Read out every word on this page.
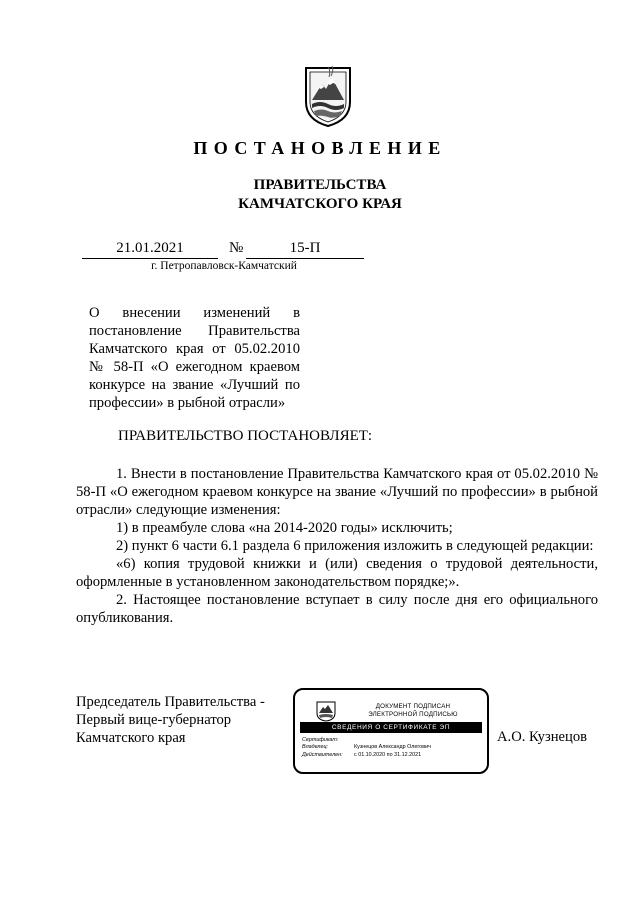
ПОСТАНОВЛЕНИЕ
ПРАВИТЕЛЬСТВА
КАМЧАТСКОГО КРАЯ
21.01.2021	№	15-П
г. Петропавловск-Камчатский
О внесении изменений в постановление Правительства Камчатского края от 05.02.2010 № 58-П «О ежегодном краевом конкурсе на звание «Лучший по профессии» в рыбной отрасли»
ПРАВИТЕЛЬСТВО ПОСТАНОВЛЯЕТ:

1. Внести в постановление Правительства Камчатского края от 05.02.2010 № 58-П «О ежегодном краевом конкурсе на звание «Лучший по профессии» в рыбной отрасли» следующие изменения:

1) в преамбуле слова «на 2014-2020 годы» исключить;

2) пункт 6 части 6.1 раздела 6 приложения изложить в следующей редакции:

«6) копия трудовой книжки и (или) сведения о трудовой деятельности, оформленные в установленном законодательством порядке;».

2. Настоящее постановление вступает в силу после дня его официального опубликования.

Председатель Правительства -
Первый вице-губернатор
Камчатского края
ДОКУМЕНТ ПОДПИСАН
ЭЛЕКТРОННОЙ ПОДПИСЬЮ
СВЕДЕНИЯ О СЕРТИФИКАТЕ ЭП
Сертификат:
Владелец:	Кузнецов Александр Олегович
Действителен: с 01.10.2020 по 31.12.2021
А.О. Кузнецов
